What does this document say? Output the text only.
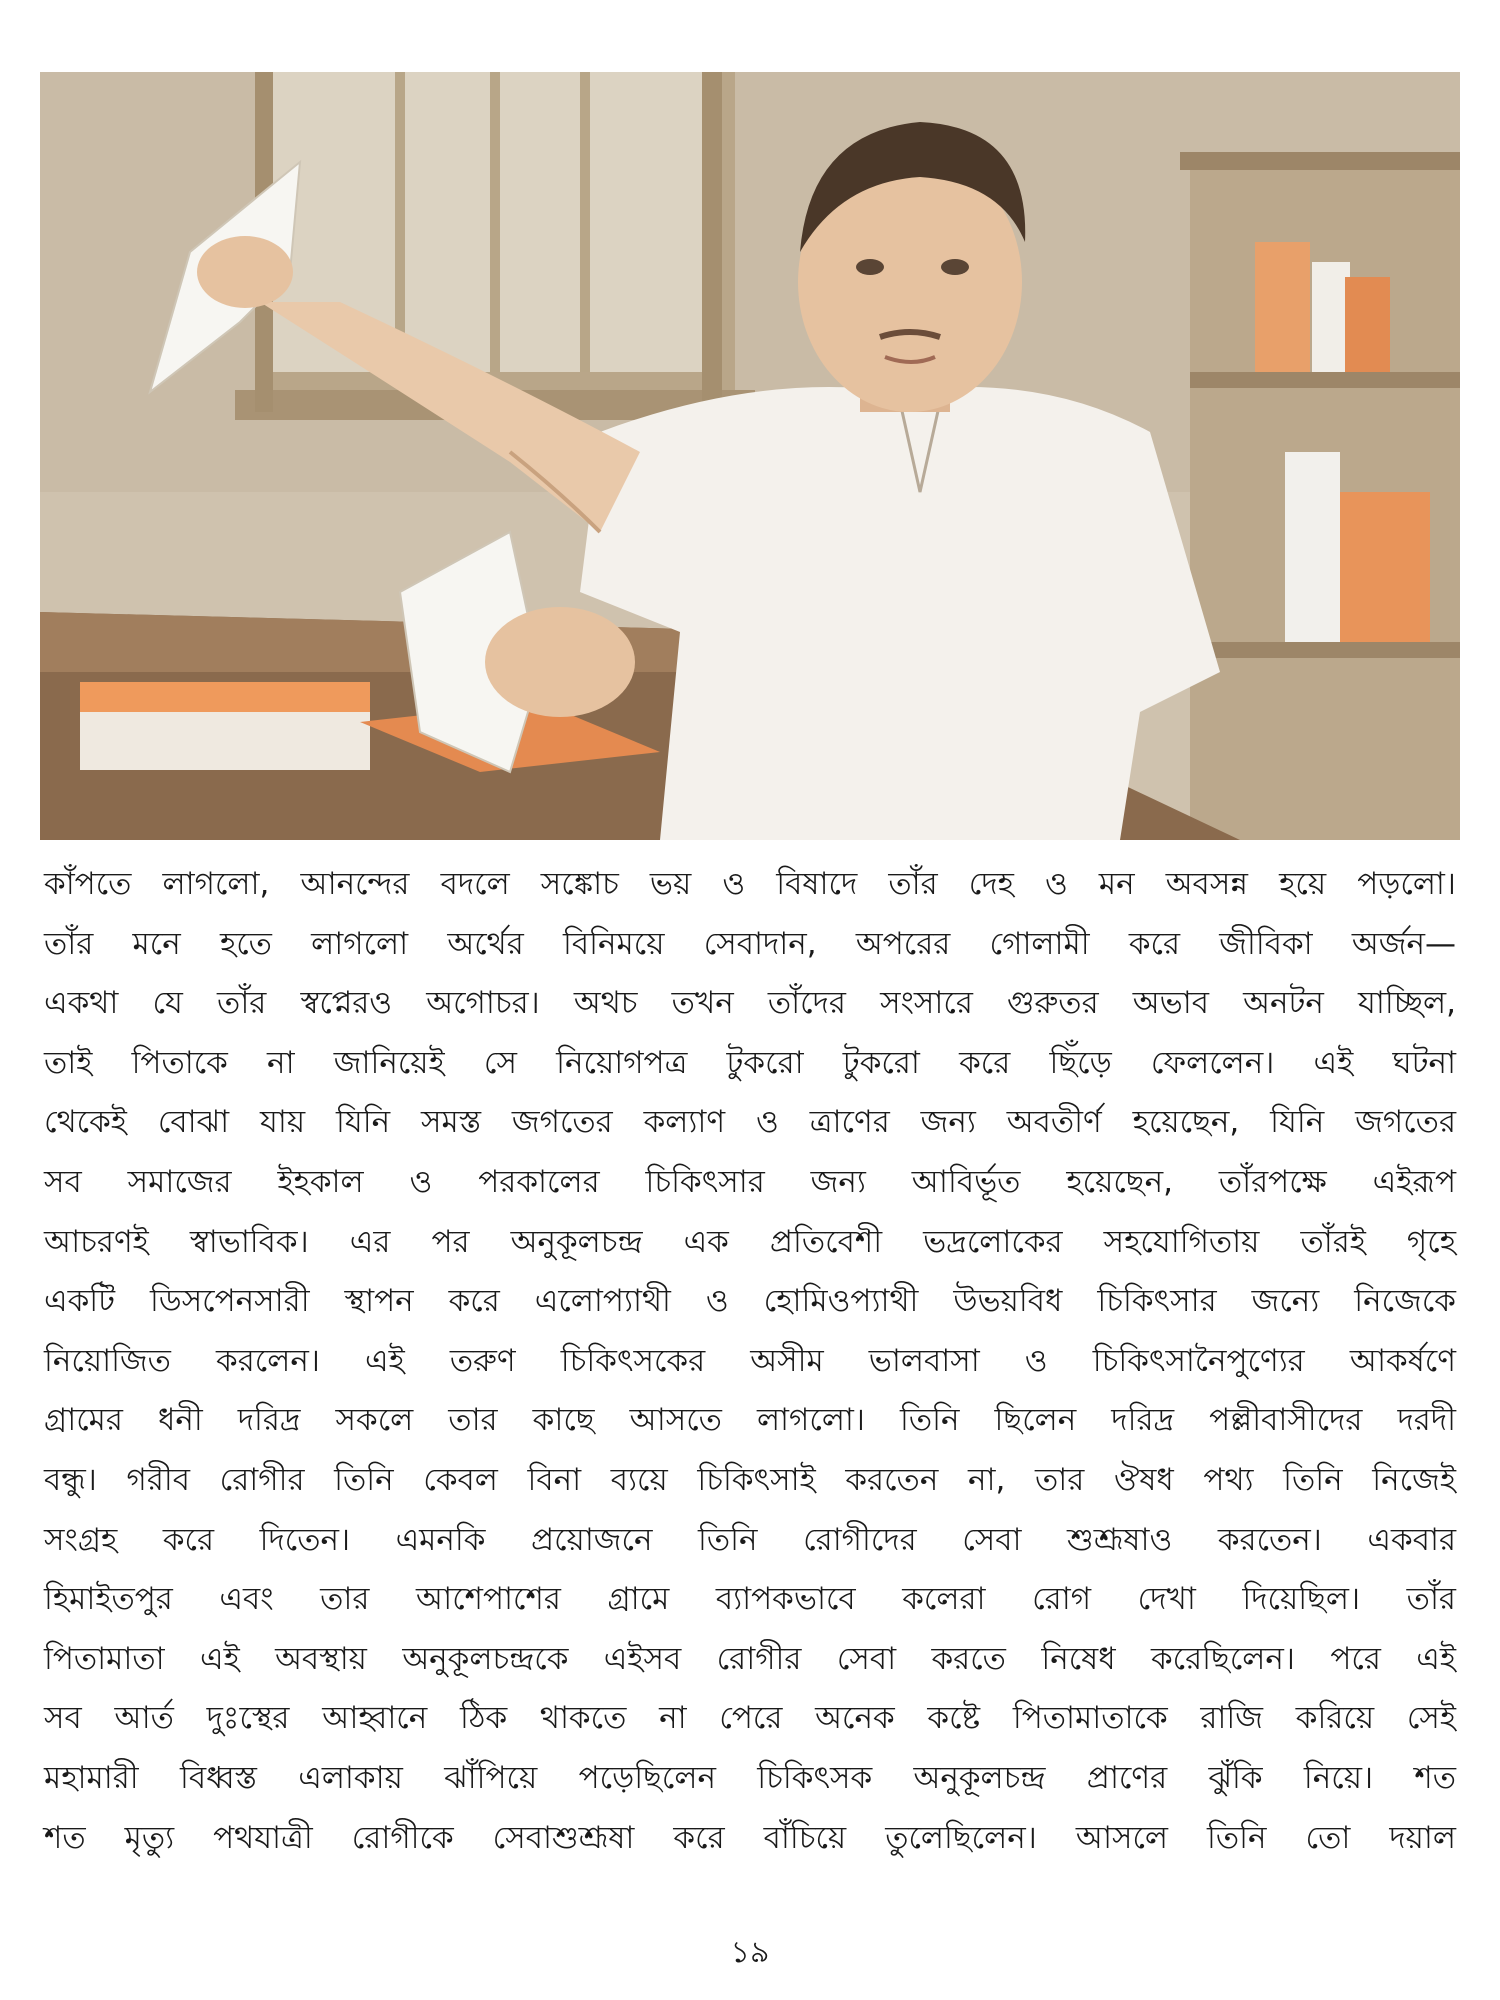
কাঁপতে লাগলো, আনন্দের বদলে সঙ্কোচ ভয় ও বিষাদে তাঁর দেহ ও মন অবসন্ন হয়ে পড়লো।
তাঁর মনে হতে লাগলো অর্থের বিনিময়ে সেবাদান, অপরের গোলামী করে জীবিকা অর্জন—
একথা যে তাঁর স্বপ্নেরও অগোচর। অথচ তখন তাঁদের সংসারে গুরুতর অভাব অনটন যাচ্ছিল,
তাই পিতাকে না জানিয়েই সে নিয়োগপত্র টুকরো টুকরো করে ছিঁড়ে ফেললেন। এই ঘটনা
থেকেই বোঝা যায় যিনি সমস্ত জগতের কল্যাণ ও ত্রাণের জন্য অবতীর্ণ হয়েছেন, যিনি জগতের
সব সমাজের ইহকাল ও পরকালের চিকিৎসার জন্য আবির্ভূত হয়েছেন, তাঁরপক্ষে এইরূপ
আচরণই স্বাভাবিক। এর পর অনুকূলচন্দ্র এক প্রতিবেশী ভদ্রলোকের সহযোগিতায় তাঁরই গৃহে
একটি ডিসপেনসারী স্থাপন করে এলোপ্যাথী ও হোমিওপ্যাথী উভয়বিধ চিকিৎসার জন্যে নিজেকে
নিয়োজিত করলেন। এই তরুণ চিকিৎসকের অসীম ভালবাসা ও চিকিৎসানৈপুণ্যের আকর্ষণে
গ্রামের ধনী দরিদ্র সকলে তার কাছে আসতে লাগলো। তিনি ছিলেন দরিদ্র পল্লীবাসীদের দরদী
বন্ধু। গরীব রোগীর তিনি কেবল বিনা ব্যয়ে চিকিৎসাই করতেন না, তার ঔষধ পথ্য তিনি নিজেই
সংগ্রহ করে দিতেন। এমনকি প্রয়োজনে তিনি রোগীদের সেবা শুশ্রূষাও করতেন। একবার
হিমাইতপুর এবং তার আশেপাশের গ্রামে ব্যাপকভাবে কলেরা রোগ দেখা দিয়েছিল। তাঁর
পিতামাতা এই অবস্থায় অনুকূলচন্দ্রকে এইসব রোগীর সেবা করতে নিষেধ করেছিলেন। পরে এই
সব আর্ত দুঃস্থের আহ্বানে ঠিক থাকতে না পেরে অনেক কষ্টে পিতামাতাকে রাজি করিয়ে সেই
মহামারী বিধ্বস্ত এলাকায় ঝাঁপিয়ে পড়েছিলেন চিকিৎসক অনুকূলচন্দ্র প্রাণের ঝুঁকি নিয়ে। শত
শত মৃত্যু পথযাত্রী রোগীকে সেবাশুশ্রূষা করে বাঁচিয়ে তুলেছিলেন। আসলে তিনি তো দয়াল
১৯
